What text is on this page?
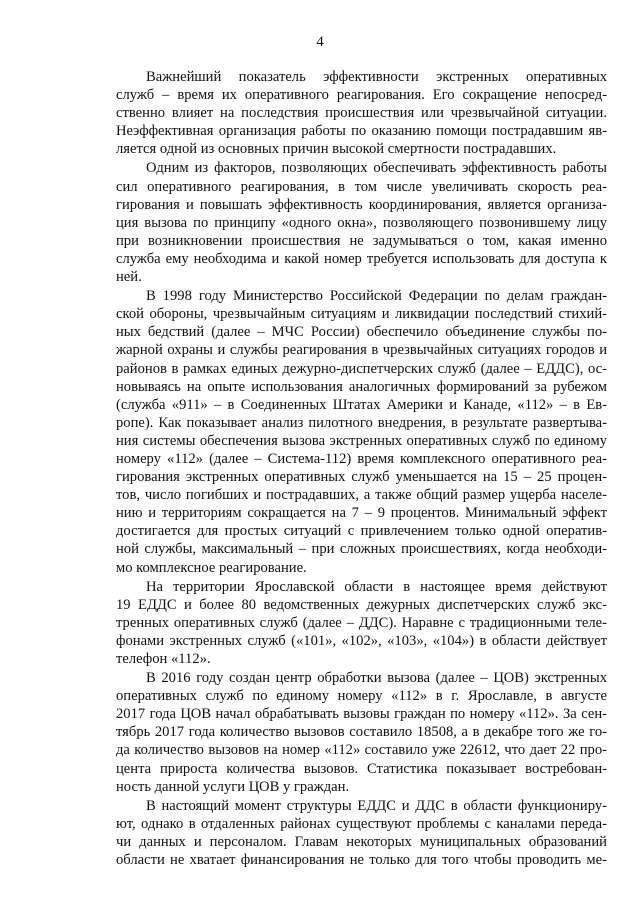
4
Важнейший показатель эффективности экстренных оперативных
служб – время их оперативного реагирования. Его сокращение непосред-
ственно влияет на последствия происшествия или чрезвычайной ситуации.
Неэффективная организация работы по оказанию помощи пострадавшим яв-
ляется одной из основных причин высокой смертности пострадавших.
Одним из факторов, позволяющих обеспечивать эффективность работы
сил оперативного реагирования, в том числе увеличивать скорость реа-
гирования и повышать эффективность координирования, является организа-
ция вызова по принципу «одного окна», позволяющего позвонившему лицу
при возникновении происшествия не задумываться о том, какая именно
служба ему необходима и какой номер требуется использовать для доступа к
ней.
В 1998 году Министерство Российской Федерации по делам граждан-
ской обороны, чрезвычайным ситуациям и ликвидации последствий стихий-
ных бедствий (далее – МЧС России) обеспечило объединение службы по-
жарной охраны и службы реагирования в чрезвычайных ситуациях городов и
районов в рамках единых дежурно-диспетчерских служб (далее – ЕДДС), ос-
новываясь на опыте использования аналогичных формирований за рубежом
(служба «911» – в Соединенных Штатах Америки и Канаде, «112» – в Ев-
ропе). Как показывает анализ пилотного внедрения, в результате развертыва-
ния системы обеспечения вызова экстренных оперативных служб по единому
номеру «112» (далее – Система-112) время комплексного оперативного реа-
гирования экстренных оперативных служб уменьшается на 15 – 25 процен-
тов, число погибших и пострадавших, а также общий размер ущерба населе-
нию и территориям сокращается на 7 – 9 процентов. Минимальный эффект
достигается для простых ситуаций с привлечением только одной оператив-
ной службы, максимальный – при сложных происшествиях, когда необходи-
мо комплексное реагирование.
На территории Ярославской области в настоящее время действуют
19 ЕДДС и более 80 ведомственных дежурных диспетчерских служб экс-
тренных оперативных служб (далее – ДДС). Наравне с традиционными теле-
фонами экстренных служб («101», «102», «103», «104») в области действует
телефон «112».
В 2016 году создан центр обработки вызова (далее – ЦОВ) экстренных
оперативных служб по единому номеру «112» в г. Ярославле, в августе
2017 года ЦОВ начал обрабатывать вызовы граждан по номеру «112». За сен-
тябрь 2017 года количество вызовов составило 18508, а в декабре того же го-
да количество вызовов на номер «112» составило уже 22612, что дает 22 про-
цента прироста количества вызовов. Статистика показывает востребован-
ность данной услуги ЦОВ у граждан.
В настоящий момент структуры ЕДДС и ДДС в области функциониру-
ют, однако в отдаленных районах существуют проблемы с каналами переда-
чи данных и персоналом. Главам некоторых муниципальных образований
области не хватает финансирования не только для того чтобы проводить ме-
